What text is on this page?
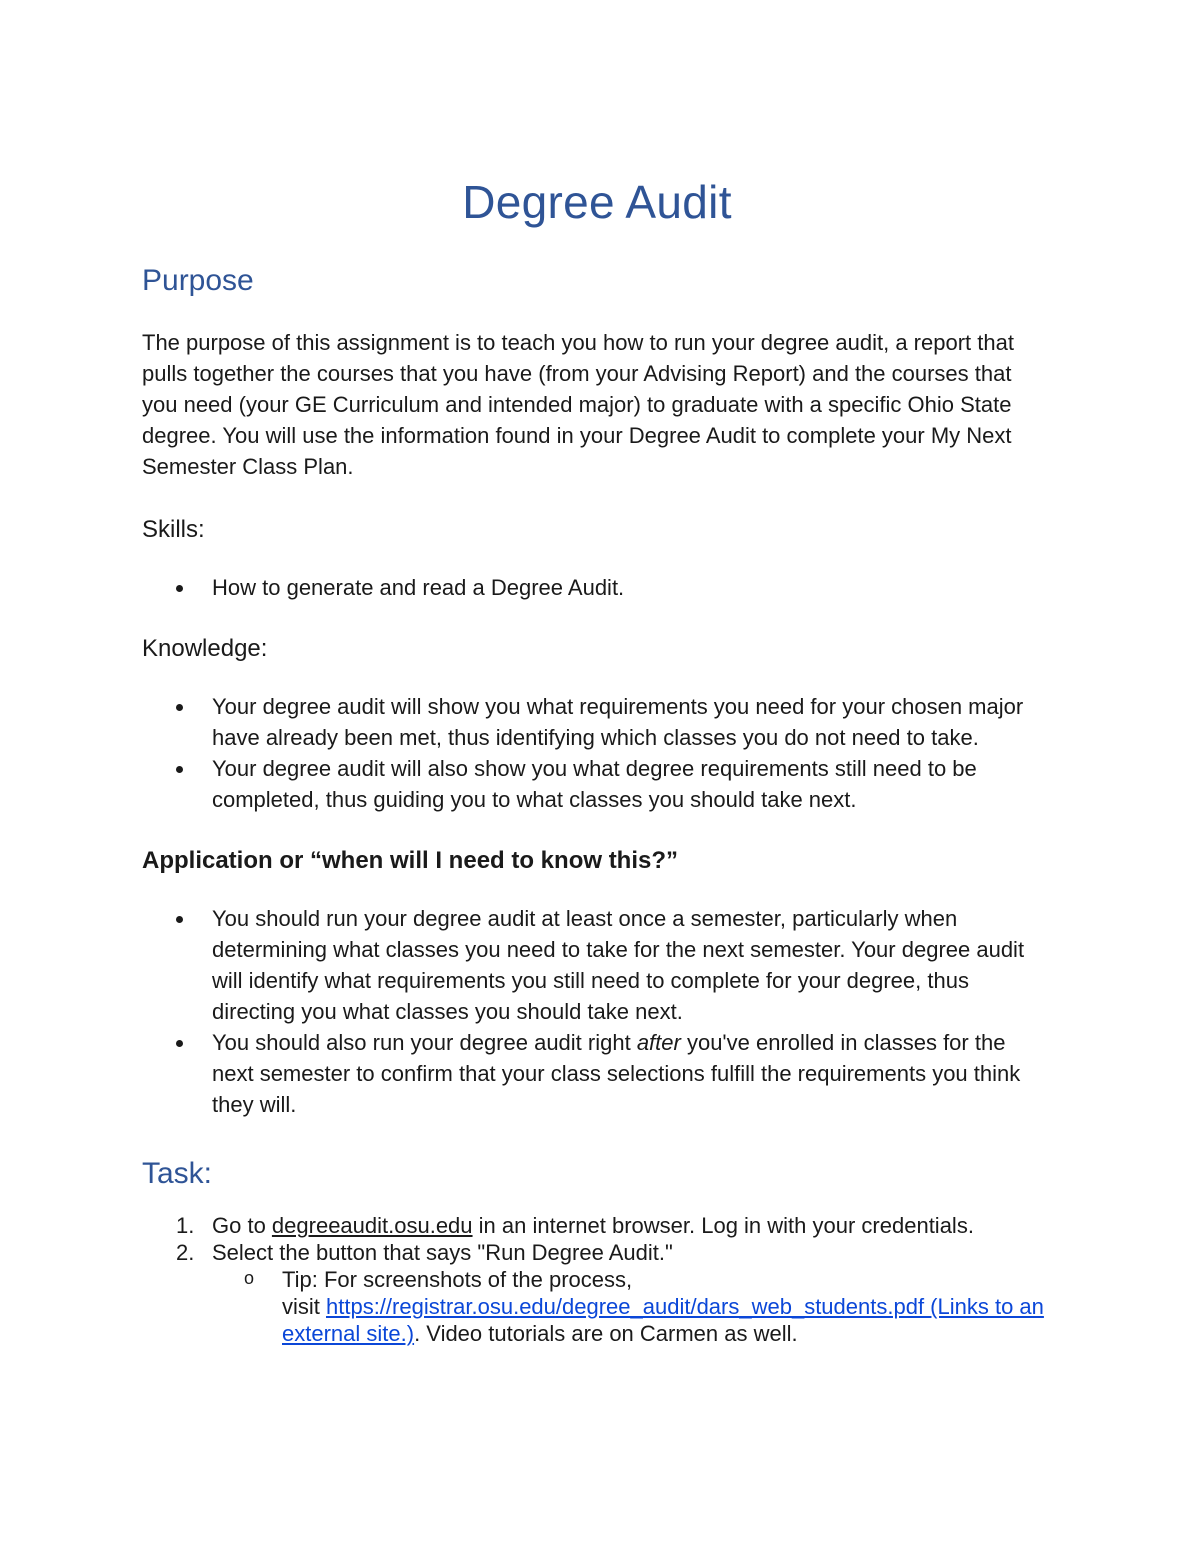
Degree Audit
Purpose

The purpose of this assignment is to teach you how to run your degree audit, a report that pulls together the courses that you have (from your Advising Report) and the courses that you need (your GE Curriculum and intended major) to graduate with a specific Ohio State degree. You will use the information found in your Degree Audit to complete your My Next Semester Class Plan.

Skills:
How to generate and read a Degree Audit.
Knowledge:
Your degree audit will show you what requirements you need for your chosen major have already been met, thus identifying which classes you do not need to take.
Your degree audit will also show you what degree requirements still need to be completed, thus guiding you to what classes you should take next.
Application or “when will I need to know this?”
You should run your degree audit at least once a semester, particularly when determining what classes you need to take for the next semester. Your degree audit will identify what requirements you still need to complete for your degree, thus directing you what classes you should take next.
You should also run your degree audit right after you've enrolled in classes for the next semester to confirm that your class selections fulfill the requirements you think they will.
Task:
1. Go to degreeaudit.osu.edu in an internet browser. Log in with your credentials.
2. Select the button that says "Run Degree Audit."
o Tip: For screenshots of the process,
visit https://registrar.osu.edu/degree_audit/dars_web_students.pdf (Links to an external site.). Video tutorials are on Carmen as well.
